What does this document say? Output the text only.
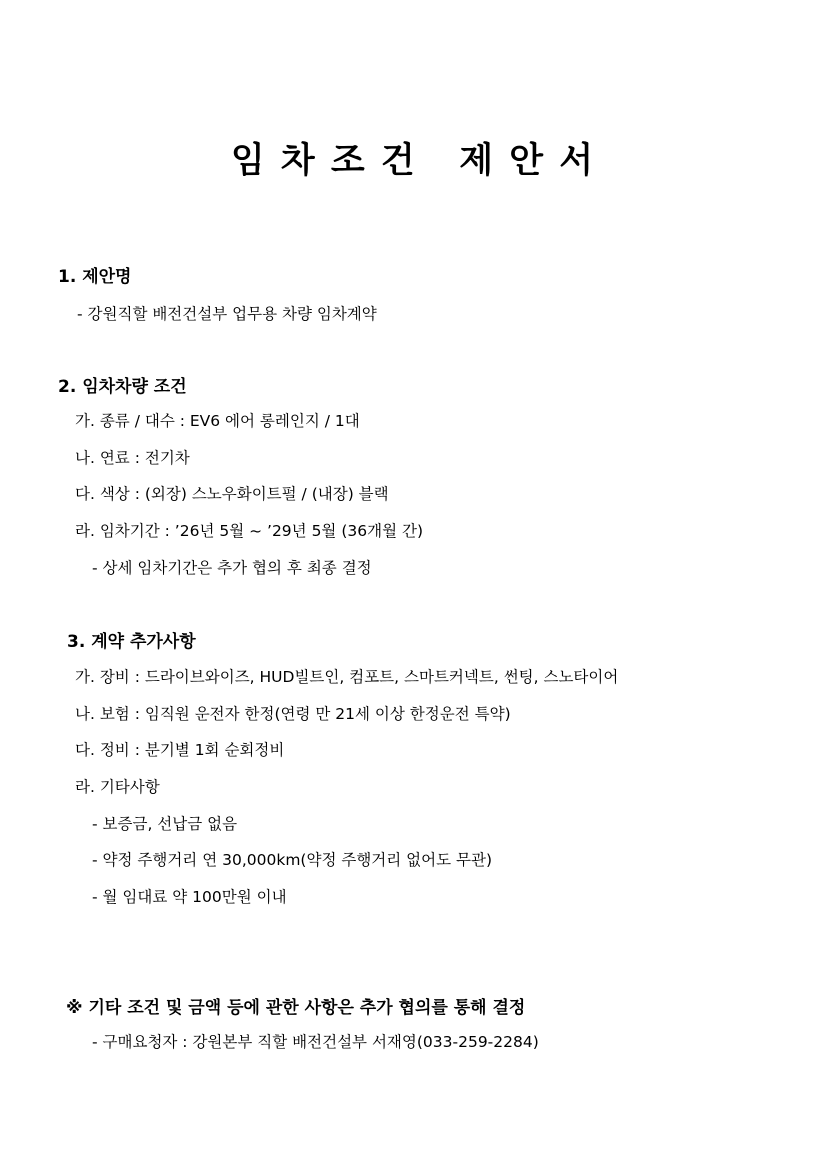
임 차 조 건   제 안 서
1. 제안명
- 강원직할 배전건설부 업무용 차량 임차계약
2. 임차차량 조건
가. 종류 / 대수 : EV6 에어 롱레인지 / 1대
나. 연료 : 전기차
다. 색상 : (외장) 스노우화이트펄 / (내장) 블랙
라. 임차기간 : ’26년 5월 ~ ’29년 5월 (36개월 간)
- 상세 임차기간은 추가 협의 후 최종 결정
3. 계약 추가사항
가. 장비 : 드라이브와이즈, HUD빌트인, 컴포트, 스마트커넥트, 썬팅, 스노타이어
나. 보험 : 임직원 운전자 한정(연령 만 21세 이상 한정운전 특약)
다. 정비 : 분기별 1회 순회정비
라. 기타사항
- 보증금, 선납금 없음
- 약정 주행거리 연 30,000km(약정 주행거리 없어도 무관)
- 월 임대료 약 100만원 이내
※ 기타 조건 및 금액 등에 관한 사항은 추가 협의를 통해 결정
- 구매요청자 : 강원본부 직할 배전건설부 서재영(033-259-2284)
